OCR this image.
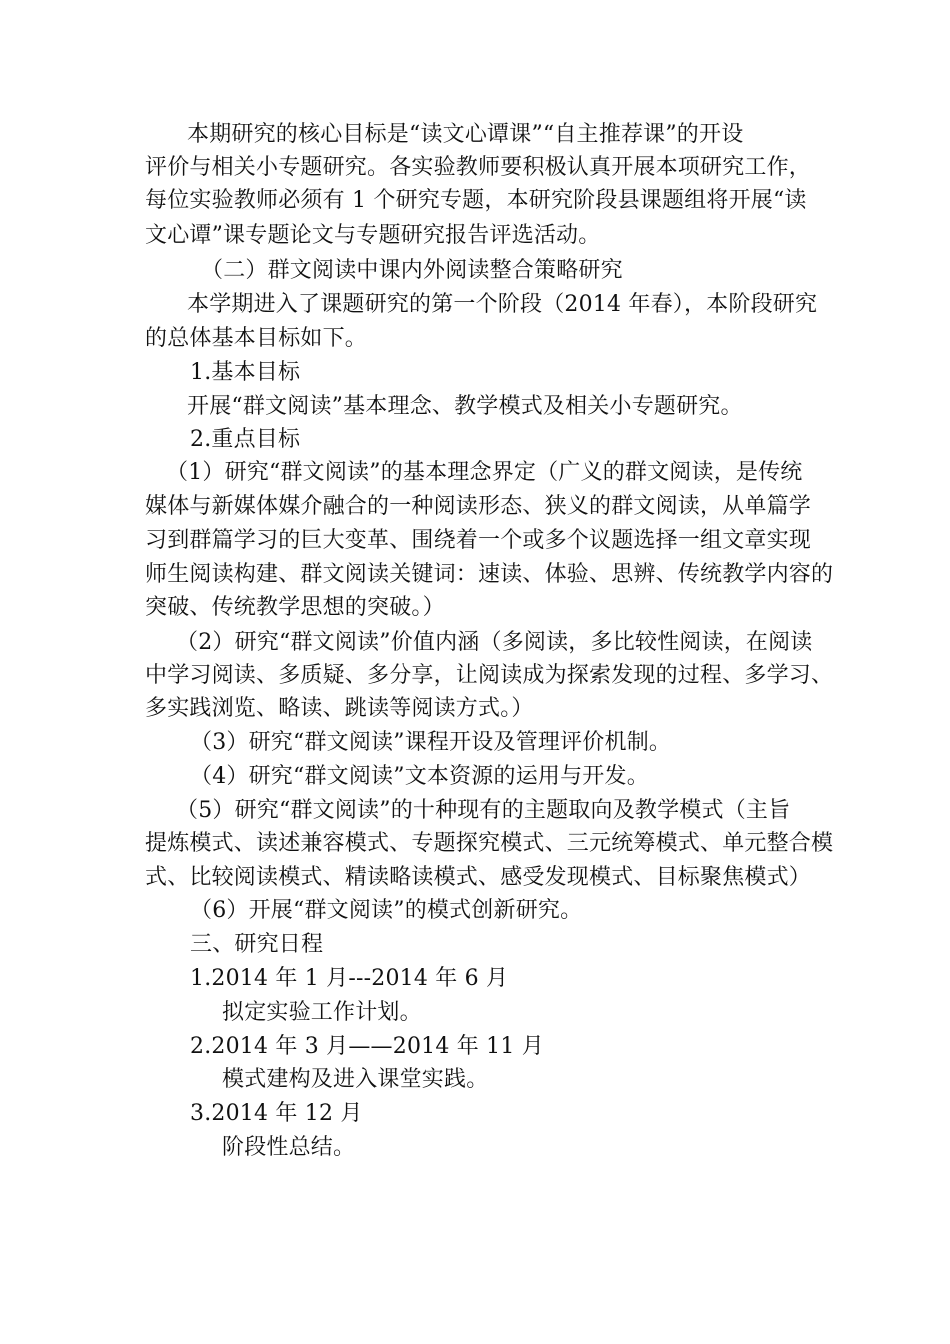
本期研究的核心目标是“读文心谭课”“自主推荐课”的开设
评价与相关小专题研究。各实验教师要积极认真开展本项研究工作，
每位实验教师必须有 1 个研究专题，本研究阶段县课题组将开展“读
文心谭”课专题论文与专题研究报告评选活动。
（二）群文阅读中课内外阅读整合策略研究
本学期进入了课题研究的第一个阶段（2014 年春），本阶段研究
的总体基本目标如下。
1.基本目标
开展“群文阅读”基本理念、教学模式及相关小专题研究。
2.重点目标
（1）研究“群文阅读”的基本理念界定（广义的群文阅读，是传统
媒体与新媒体媒介融合的一种阅读形态、狭义的群文阅读，从单篇学
习到群篇学习的巨大变革、围绕着一个或多个议题选择一组文章实现
师生阅读构建、群文阅读关键词：速读、体验、思辨、传统教学内容的
突破、传统教学思想的突破。）
（2）研究“群文阅读”价值内涵（多阅读，多比较性阅读，在阅读
中学习阅读、多质疑、多分享，让阅读成为探索发现的过程、多学习、
多实践浏览、略读、跳读等阅读方式。）
（3）研究“群文阅读”课程开设及管理评价机制。
（4）研究“群文阅读”文本资源的运用与开发。
（5）研究“群文阅读”的十种现有的主题取向及教学模式（主旨
提炼模式、读述兼容模式、专题探究模式、三元统筹模式、单元整合模
式、比较阅读模式、精读略读模式、感受发现模式、目标聚焦模式）
（6）开展“群文阅读”的模式创新研究。
三、研究日程
1.2014 年 1 月---2014 年 6 月
拟定实验工作计划。
2.2014 年 3 月——2014 年 11 月
模式建构及进入课堂实践。
3.2014 年 12 月
阶段性总结。
